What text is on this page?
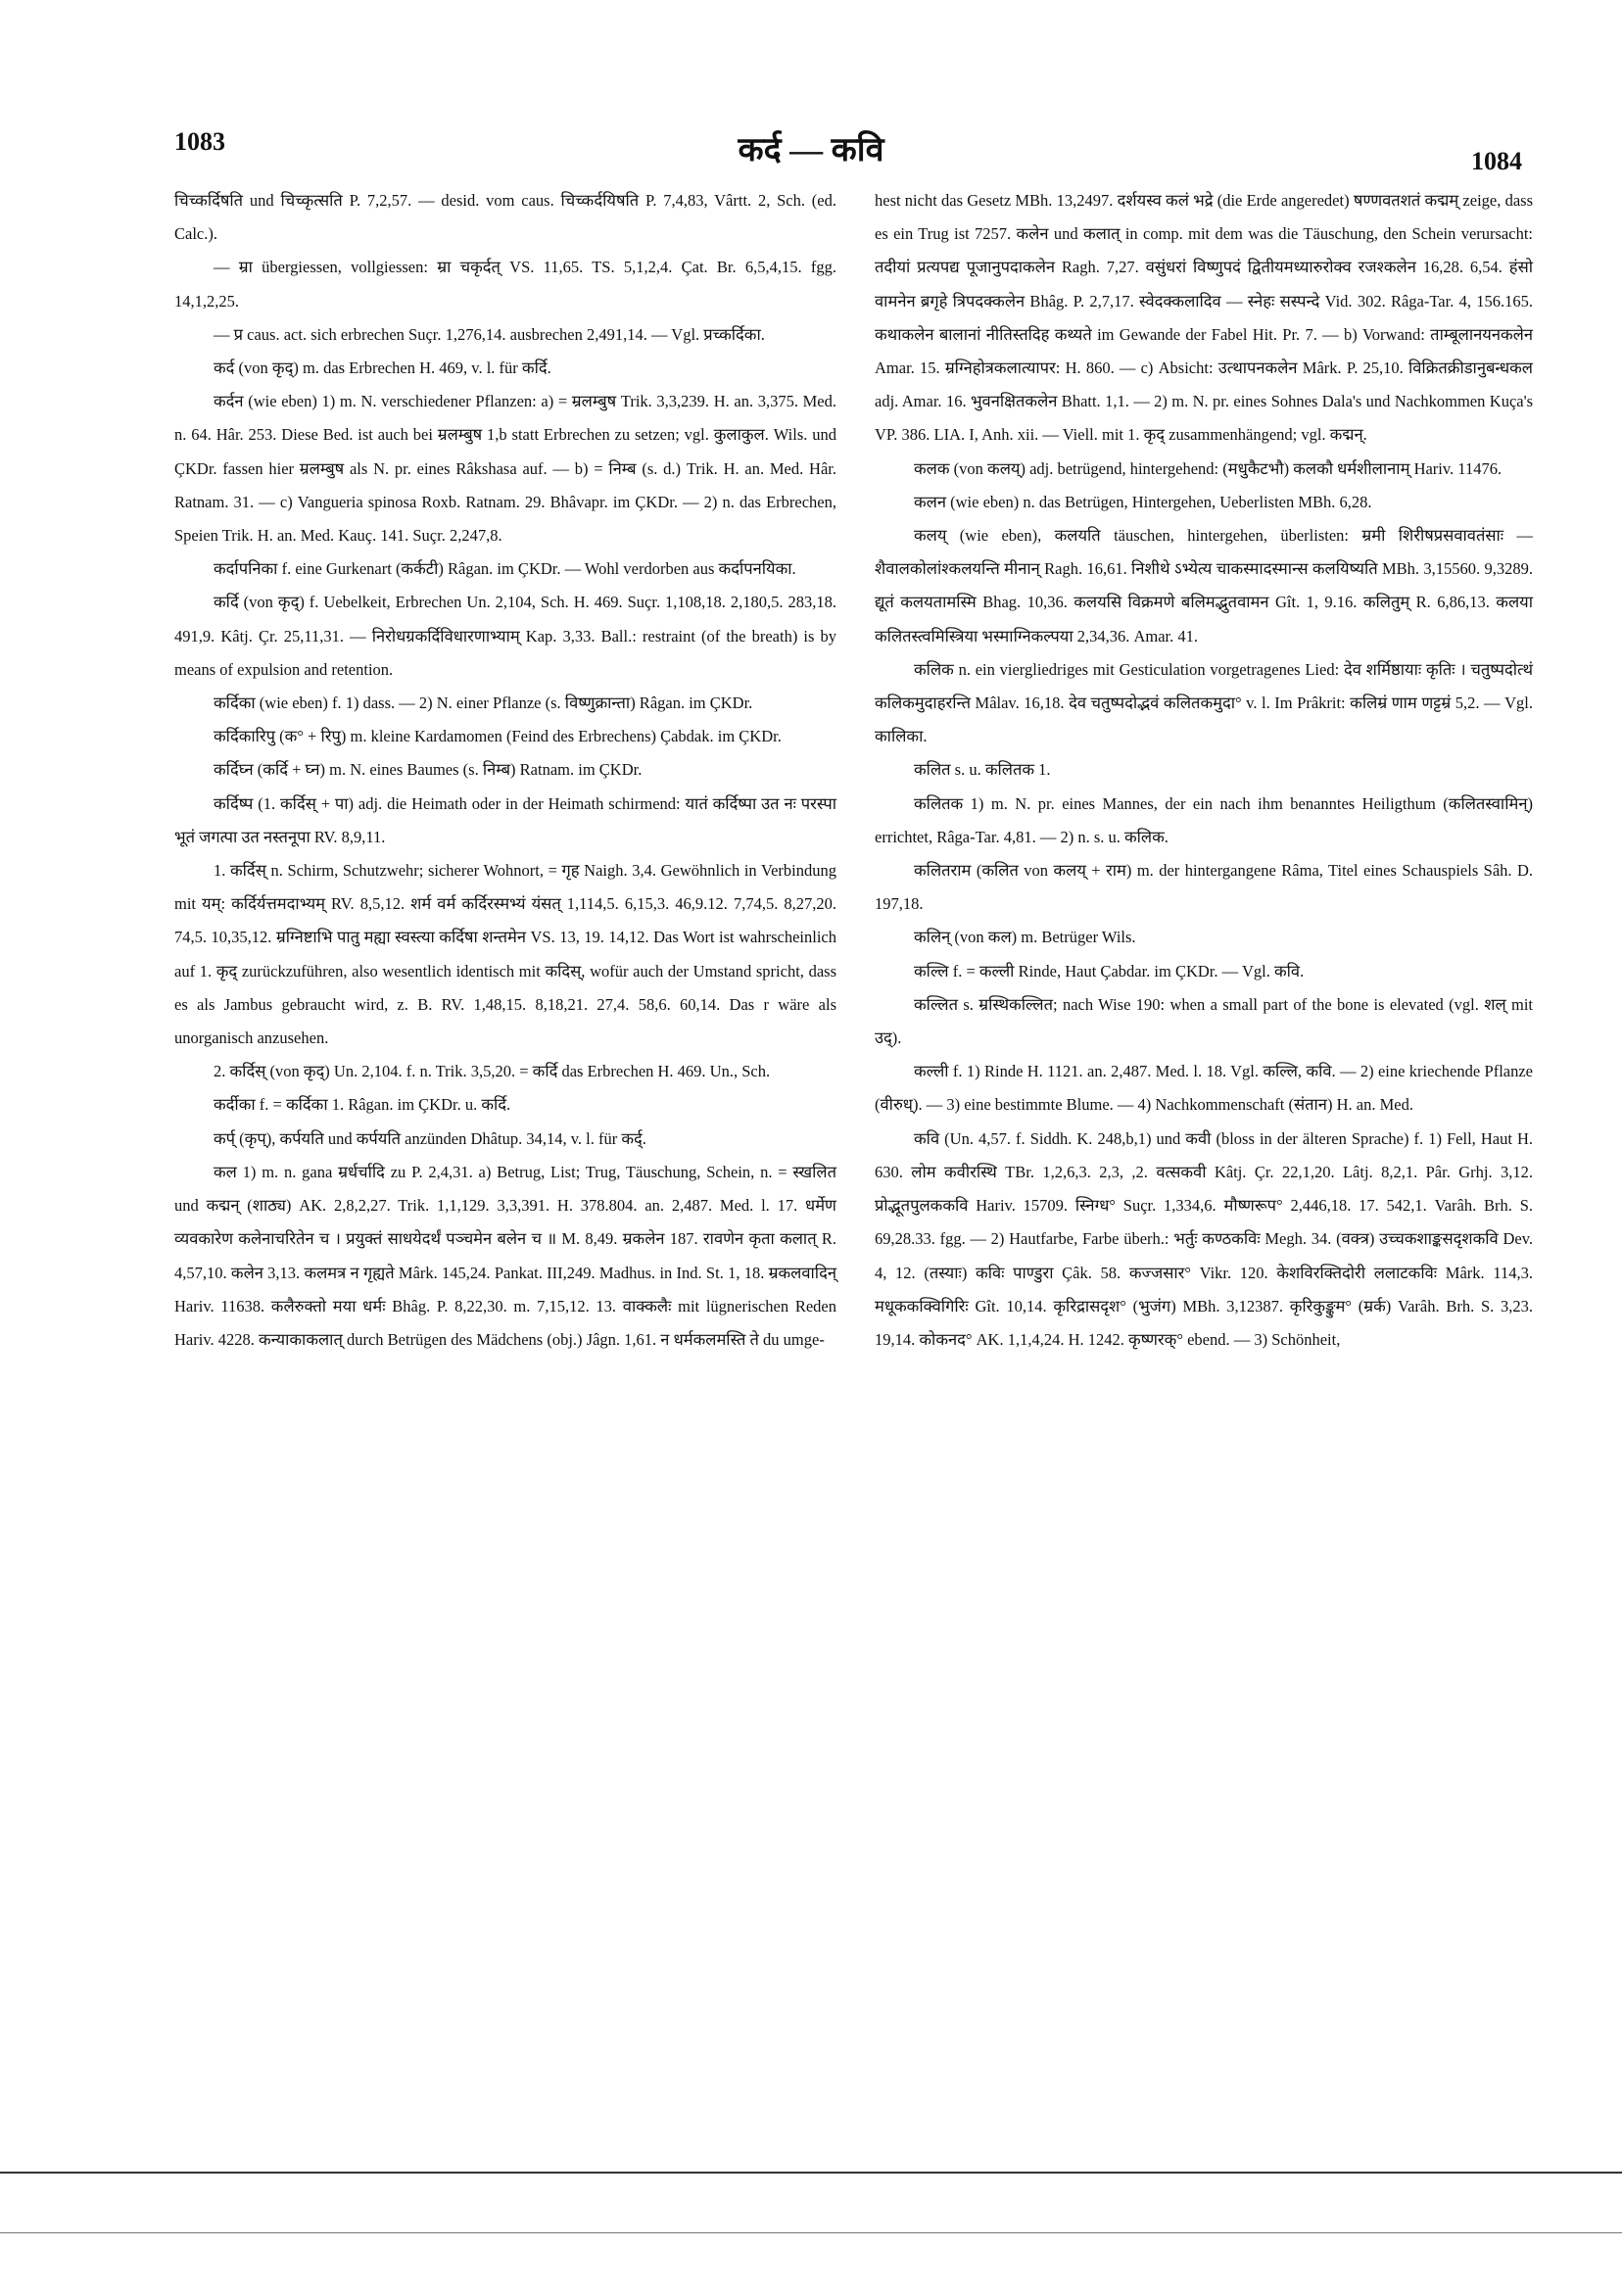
1083	कर्द — कवि	1084

चिच्कर्दिषति und चिच्कृत्सति P. 7,2,57. — desid. vom caus. चिच्कर्दयिषति P. 7,4,83, Vârtt. 2, Sch. (ed. Calc.).

— म्रा übergiessen, vollgiessen: म्रा चकृर्दत् VS. 11,65. TS. 5,1,2,4. Çat. Br. 6,5,4,15. fgg. 14,1,2,25.

— प्र caus. act. sich erbrechen Suçr. 1,276,14. ausbrechen 2,491,14. — Vgl. प्रच्कर्दिका.

कर्द (von कृद्) m. das Erbrechen H. 469, v. l. für कर्दि.

कर्दन (wie eben) 1) m. N. verschiedener Pflanzen: a) = म्रलम्बुष Trik. 3,3,239. H. an. 3,375. Med. n. 64. Hâr. 253. Diese Bed. ist auch bei म्रलम्बुष 1,b statt Erbrechen zu setzen; vgl. कुलाकुल. Wils. und ÇKDr. fassen hier म्रलम्बुष als N. pr. eines Râkshasa auf. — b) = निम्ब (s. d.) Trik. H. an. Med. Hâr. Ratnam. 31. — c) Vangueria spinosa Roxb. Ratnam. 29. Bhâvapr. im ÇKDr. — 2) n. das Erbrechen, Speien Trik. H. an. Med. Kauç. 141. Suçr. 2,247,8.

कर्दापनिका f. eine Gurkenart (कर्कटी) Râgan. im ÇKDr. — Wohl verdorben aus कर्दापनयिका.

कर्दि (von कृद्) f. Uebelkeit, Erbrechen Un. 2,104, Sch. H. 469. Suçr. 1,108,18. 2,180,5. 283,18. 491,9. Kâtj. Çr. 25,11,31. — निरोधग्रकर्दिविधारणाभ्याम् Kap. 3,33. Ball.: restraint (of the breath) is by means of expulsion and retention.

कर्दिका (wie eben) f. 1) dass. — 2) N. einer Pflanze (s. विष्णुक्रान्ता) Râgan. im ÇKDr.

कर्दिकारिपु (क° + रिपु) m. kleine Kardamomen (Feind des Erbrechens) Çabdak. im ÇKDr.

कर्दिघ्न (कर्दि + घ्न) m. N. eines Baumes (s. निम्ब) Ratnam. im ÇKDr.

कर्दिष्प (1. कर्दिस् + पा) adj. die Heimath oder in der Heimath schirmend: यातं कर्दिष्पा उत नः परस्पा भूतं जगत्पा उत नस्तनूपा RV. 8,9,11.

1. कर्दिस् n. Schirm, Schutzwehr; sicherer Wohnort, = गृह Naigh. 3,4. Gewöhnlich in Verbindung mit यम्: कर्दिर्यत्तमदाभ्यम् RV. 8,5,12. शर्म वर्म कर्दिरस्मभ्यं यंसत् 1,114,5. 6,15,3. 46,9.12. 7,74,5. 8,27,20. 74,5. 10,35,12. म्रग्निष्टाभि पातु मह्या स्वस्त्या कर्दिषा शन्तमेन VS. 13, 19. 14,12. Das Wort ist wahrscheinlich auf 1. कृद् zurückzuführen, also wesentlich identisch mit कदिस्, wofür auch der Umstand spricht, dass es als Jambus gebraucht wird, z. B. RV. 1,48,15. 8,18,21. 27,4. 58,6. 60,14. Das r wäre als unorganisch anzusehen.

2. कर्दिस् (von कृद्) Un. 2,104. f. n. Trik. 3,5,20. = कर्दि das Erbrechen H. 469. Un., Sch.

कर्दीका f. = कर्दिका 1. Râgan. im ÇKDr. u. कर्दि.

कर्प् (कृप्), कर्पयति und कर्पयति anzünden Dhâtup. 34,14, v. l. für कर्द्.

कल 1) m. n. gana म्रर्धर्चादि zu P. 2,4,31. a) Betrug, List; Trug, Täuschung, Schein, n. = स्खलित und कद्मन् (शाठ्य) AK. 2,8,2,27. Trik. 1,1,129. 3,3,391. H. 378.804. an. 2,487. Med. l. 17. धर्मेण व्यवकारेण कलेनाचरितेन च । प्रयुक्तं साधयेदर्थं पञ्चमेन बलेन च ॥ M. 8,49. म्रकलेन 187. रावणेन कृता कलात् R. 4,57,10. कलेन 3,13. कलमत्र न गृह्यते Mârk. 145,24. Pankat. III,249. Madhus. in Ind. St. 1, 18. म्रकलवादिन् Hariv. 11638. कलैरुक्तो मया धर्मः Bhâg. P. 8,22,30. m. 7,15,12. 13. वाक्कलैः mit lügnerischen Reden Hariv. 4228. कन्याकाकलात् durch Betrügen des Mädchens (obj.) Jâgn. 1,61. न धर्मकलमस्ति ते du umge-

hest nicht das Gesetz MBh. 13,2497. दर्शयस्व कलं भद्रे (die Erde angeredet) षण्णवतशतं कद्मम् zeige, dass es ein Trug ist 7257. कलेन und कलात् in comp. mit dem was die Täuschung, den Schein verursacht: तदीयां प्रत्यपद्य पूजानुपदाकलेन Ragh. 7,27. वसुंधरां विष्णुपदं द्वितीयमध्यारुरोक्व रजश्कलेन 16,28. 6,54. हंसो वामनेन ब्रगृहे त्रिपदक्कलेन Bhâg. P. 2,7,17. स्वेदक्कलादिव — स्नेहः सस्पन्दे Vid. 302. Râga-Tar. 4, 156.165. कथाकलेन बालानां नीतिस्तदिह कथ्यते im Gewande der Fabel Hit. Pr. 7. — b) Vorwand: ताम्बूलानयनकलेन Amar. 15. म्रग्निहोत्रकलात्यापर: H. 860. — c) Absicht: उत्थापनकलेन Mârk. P. 25,10. विक्रितक्रीडानुबन्धकल adj. Amar. 16. भुवनक्षितकलेन Bhatt. 1,1. — 2) m. N. pr. eines Sohnes Dala's und Nachkommen Kuça's VP. 386. LIA. I, Anh. xii. — Viell. mit 1. कृद् zusammenhängend; vgl. कद्मन्.

कलक (von कलय्) adj. betrügend, hintergehend: (मधुकैटभौ) कलकौ धर्मशीलानाम् Hariv. 11476.

कलन (wie eben) n. das Betrügen, Hintergehen, Ueberlisten MBh. 6,28.

कलय् (wie eben), कलयति täuschen, hintergehen, überlisten: म्रमी शिरीषप्रसवावतंसाः — शैवालकोलांश्कलयन्ति मीनान् Ragh. 16,61. निशीथे ऽभ्येत्य चाकस्मादस्मान्स कलयिष्यति MBh. 3,15560. 9,3289. द्यूतं कलयतामस्मि Bhag. 10,36. कलयसि विक्रमणे बलिमद्भुतवामन Gît. 1, 9.16. कलितुम् R. 6,86,13. कलया कलितस्त्वमिस्त्रिया भस्माग्निकल्पया 2,34,36. Amar. 41.

कलिक n. ein viergliedriges mit Gesticulation vorgetragenes Lied: देव शर्मिष्ठायाः कृतिः । चतुष्पदोत्थं कलिकमुदाहरन्ति Mâlav. 16,18. देव चतुष्पदोद्भवं कलितकमुदा° v. l. Im Prâkrit: कलिम्रं णाम णट्टम्रं 5,2. — Vgl. कालिका.

कलित s. u. कलितक 1.

कलितक 1) m. N. pr. eines Mannes, der ein nach ihm benanntes Heiligthum (कलितस्वामिन्) errichtet, Râga-Tar. 4,81. — 2) n. s. u. कलिक.

कलितराम (कलित von कलय् + राम) m. der hintergangene Râma, Titel eines Schauspiels Sâh. D. 197,18.

कलिन् (von कल) m. Betrüger Wils.

कल्लि f. = कल्ली Rinde, Haut Çabdar. im ÇKDr. — Vgl. कवि.

कल्लित s. म्रस्थिकल्लित; nach Wise 190: when a small part of the bone is elevated (vgl. शल् mit उद्).

कल्ली f. 1) Rinde H. 1121. an. 2,487. Med. l. 18. Vgl. कल्लि, कवि. — 2) eine kriechende Pflanze (वीरुध्). — 3) eine bestimmte Blume. — 4) Nachkommenschaft (संतान) H. an. Med.

कवि (Un. 4,57. f. Siddh. K. 248,b,1) und कवी (bloss in der älteren Sprache) f. 1) Fell, Haut H. 630. लोम कवीरस्थि TBr. 1,2,6,3. 2,3, ,2. वत्सकवी Kâtj. Çr. 22,1,20. Lâtj. 8,2,1. Pâr. Grhj. 3,12. प्रोद्भूतपुलककवि Hariv. 15709. स्निग्ध° Suçr. 1,334,6. मौष्णरूप° 2,446,18. 17. 542,1. Varâh. Brh. S. 69,28.33. fgg. — 2) Hautfarbe, Farbe überh.: भर्तुः कण्ठकविः Megh. 34. (वक्त्र) उच्चकशाङ्कसदृशकवि Dev. 4, 12. (तस्याः) कविः पाण्डुरा Çâk. 58. कज्जसार° Vikr. 120. केशविरक्तिदोरी ललाटकविः Mârk. 114,3. मधूककक्विगिरिः Gît. 10,14. कृरिद्रासदृश° (भुजंग) MBh. 3,12387. कृरिकुङ्कुम° (म्रर्क) Varâh. Brh. S. 3,23. 19,14. कोकनद° AK. 1,1,4,24. H. 1242. कृष्णरक्° ebend. — 3) Schönheit,
